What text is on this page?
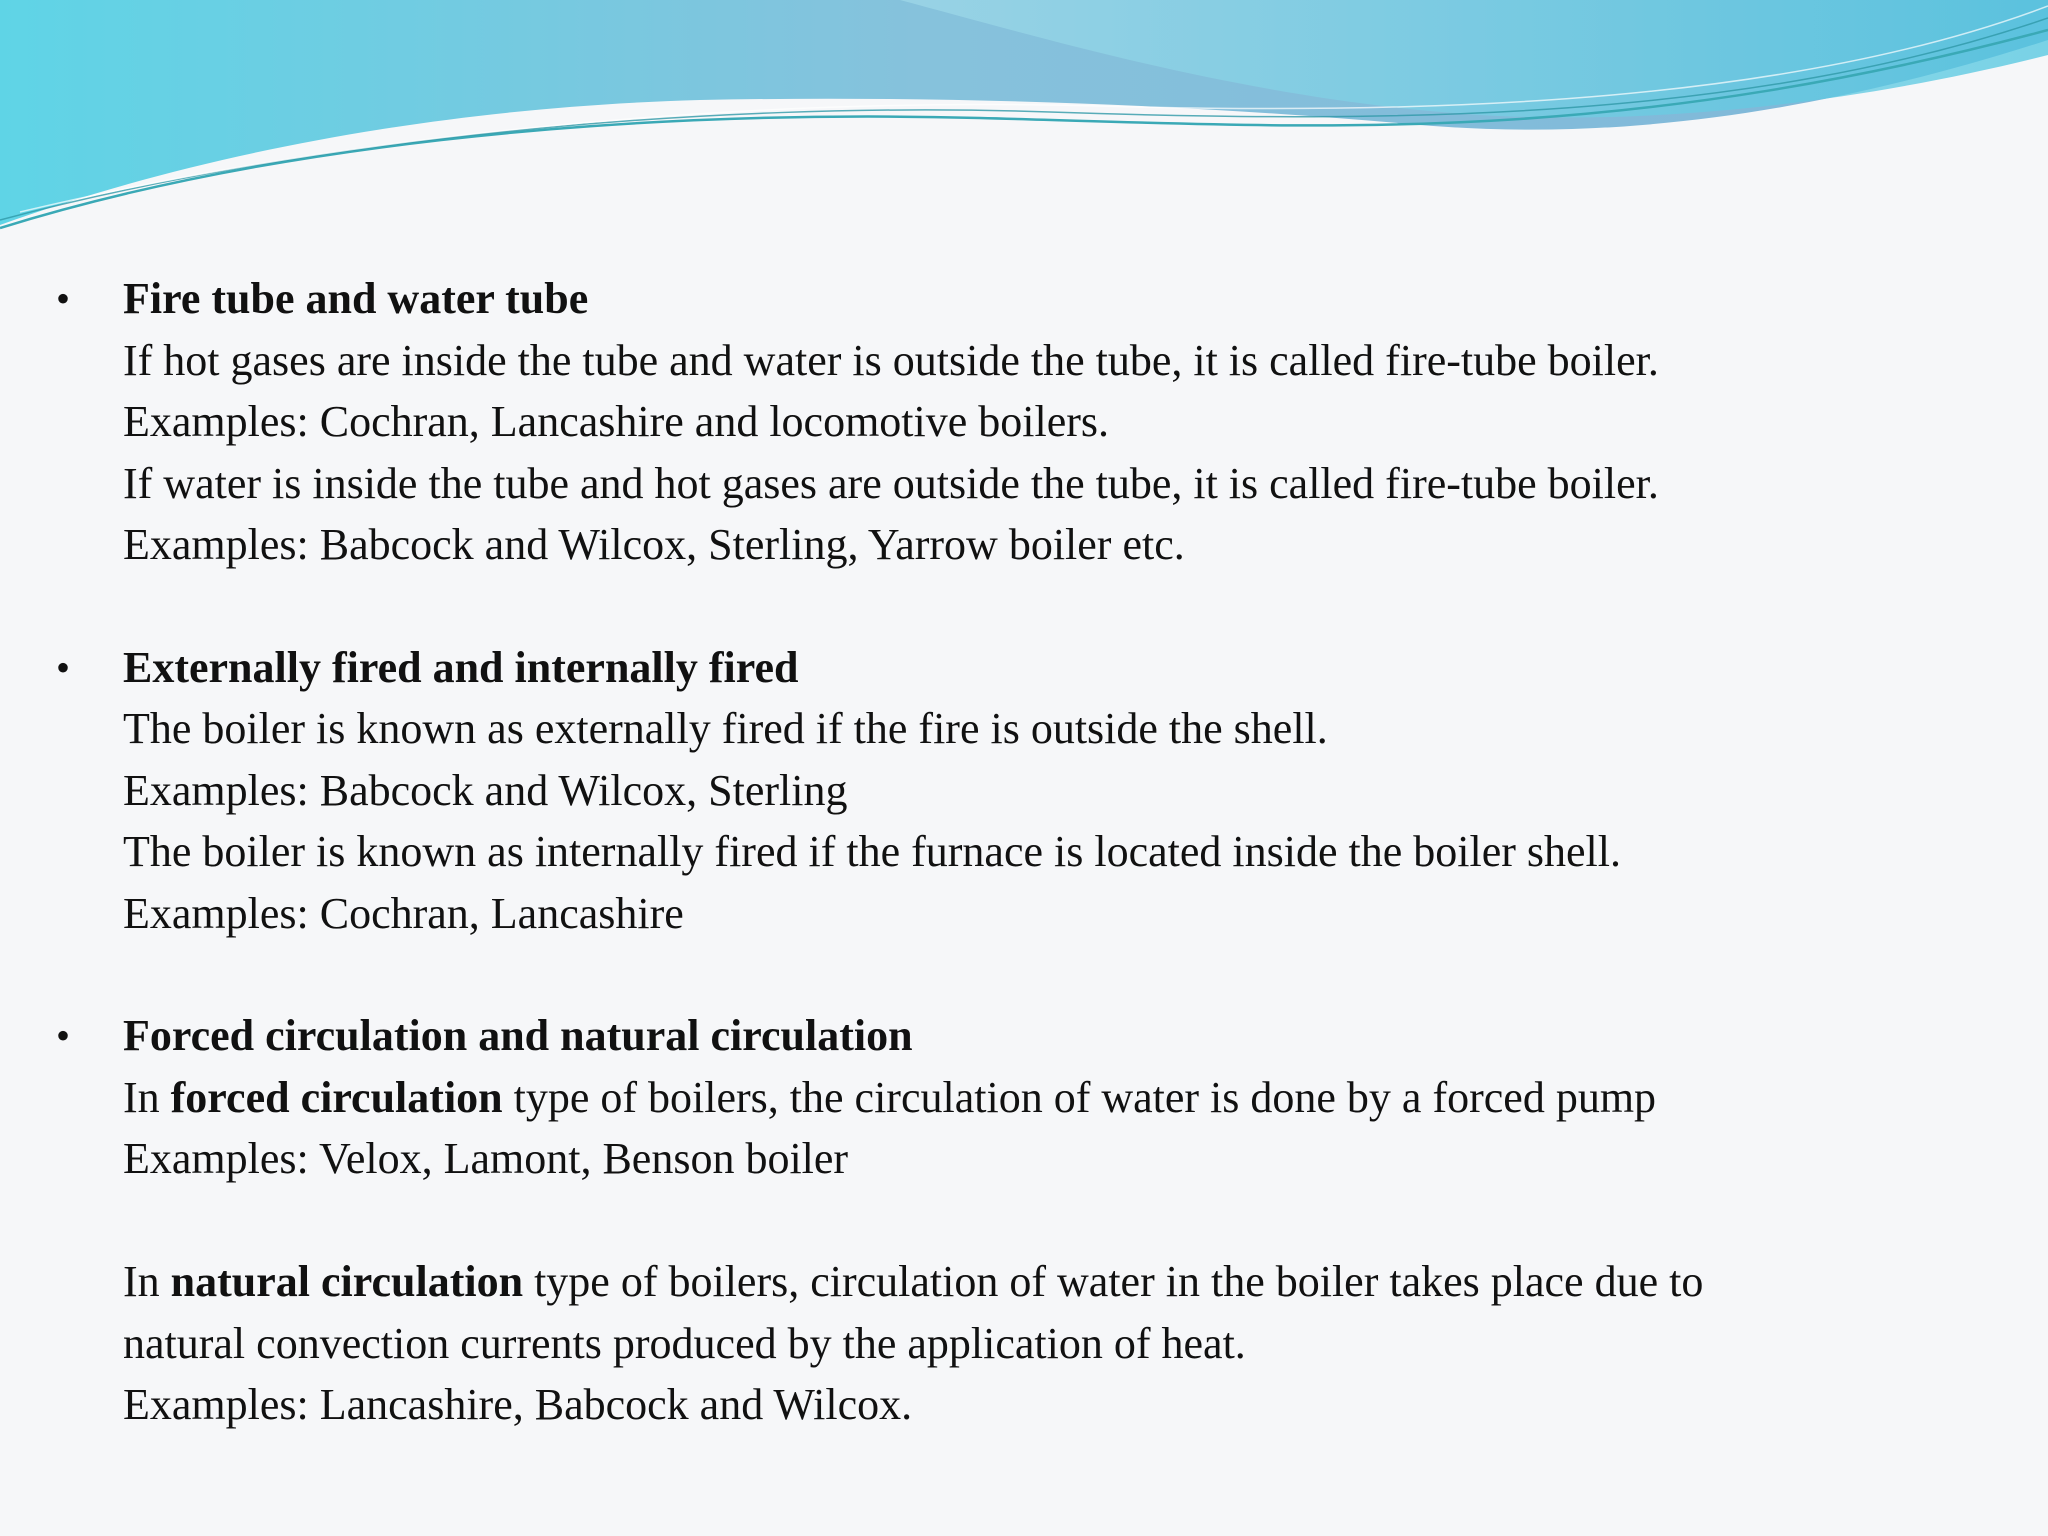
• Fire tube and water tube
If hot gases are inside the tube and water is outside the tube, it is called fire-tube boiler.
Examples: Cochran, Lancashire and locomotive boilers.
If water is inside the tube and hot gases are outside the tube, it is called fire-tube boiler.
Examples: Babcock and Wilcox, Sterling, Yarrow boiler etc.
• Externally fired and internally fired
The boiler is known as externally fired if the fire is outside the shell.
Examples: Babcock and Wilcox, Sterling
The boiler is known as internally fired if the furnace is located inside the boiler shell.
Examples: Cochran, Lancashire
• Forced circulation and natural circulation
In forced circulation type of boilers, the circulation of water is done by a forced pump
Examples: Velox, Lamont, Benson boiler
In natural circulation type of boilers, circulation of water in the boiler takes place due to
natural convection currents produced by the application of heat.
Examples: Lancashire, Babcock and Wilcox.
